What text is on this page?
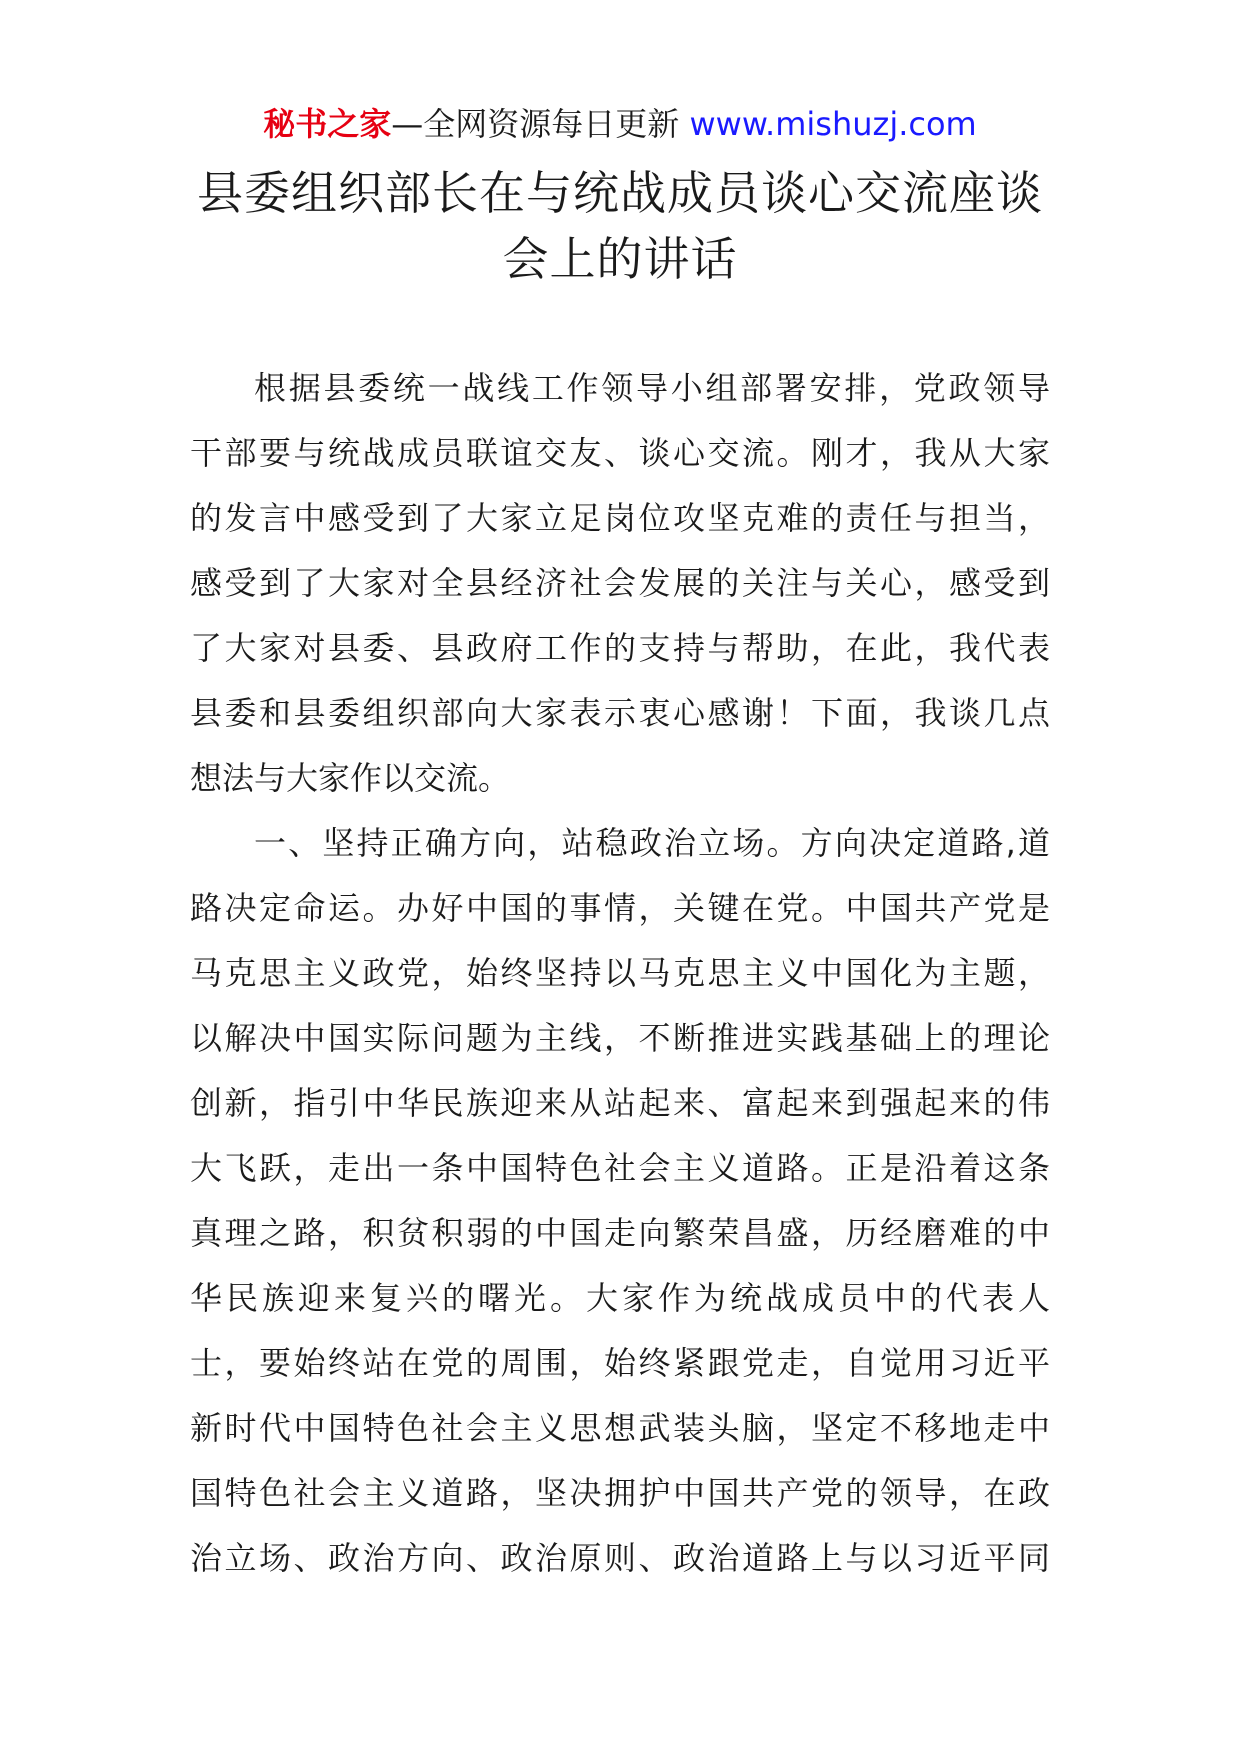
秘书之家—全网资源每日更新 www.mishuzj.com
县委组织部长在与统战成员谈心交流座谈
会上的讲话
根据县委统一战线工作领导小组部署安排，党政领导
干部要与统战成员联谊交友、谈心交流。刚才，我从大家
的发言中感受到了大家立足岗位攻坚克难的责任与担当，
感受到了大家对全县经济社会发展的关注与关心，感受到
了大家对县委、县政府工作的支持与帮助，在此，我代表
县委和县委组织部向大家表示衷心感谢！下面，我谈几点
想法与大家作以交流。
一、坚持正确方向，站稳政治立场。方向决定道路,道
路决定命运。办好中国的事情，关键在党。中国共产党是
马克思主义政党，始终坚持以马克思主义中国化为主题，
以解决中国实际问题为主线，不断推进实践基础上的理论
创新，指引中华民族迎来从站起来、富起来到强起来的伟
大飞跃，走出一条中国特色社会主义道路。正是沿着这条
真理之路，积贫积弱的中国走向繁荣昌盛，历经磨难的中
华民族迎来复兴的曙光。大家作为统战成员中的代表人
士，要始终站在党的周围，始终紧跟党走，自觉用习近平
新时代中国特色社会主义思想武装头脑，坚定不移地走中
国特色社会主义道路，坚决拥护中国共产党的领导，在政
治立场、政治方向、政治原则、政治道路上与以习近平同
